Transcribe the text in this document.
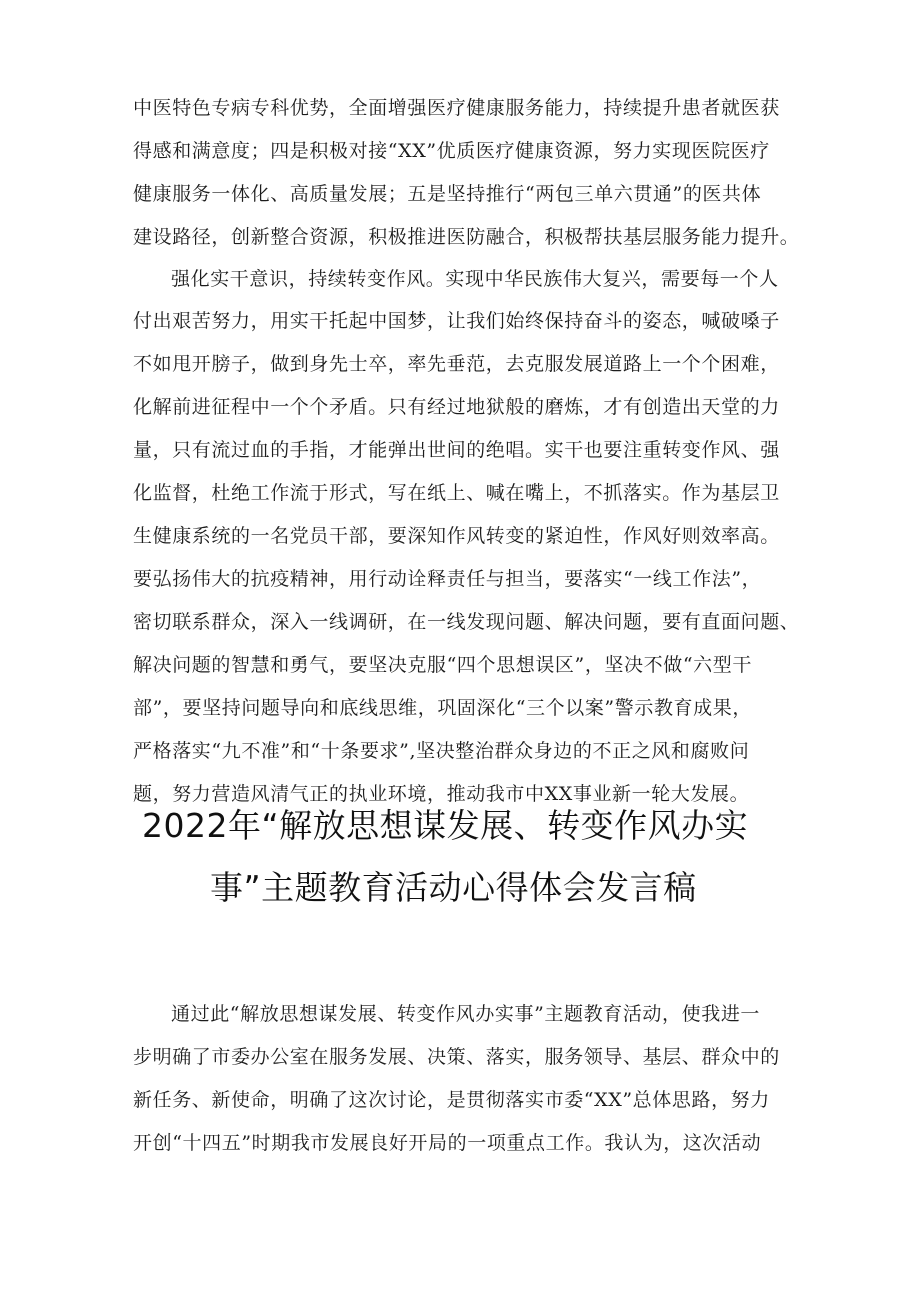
中医特色专病专科优势，全面增强医疗健康服务能力，持续提升患者就医获
得感和满意度；四是积极对接“XX”优质医疗健康资源，努力实现医院医疗
健康服务一体化、高质量发展；五是坚持推行“两包三单六贯通”的医共体
建设路径，创新整合资源，积极推进医防融合，积极帮扶基层服务能力提升。
强化实干意识，持续转变作风。实现中华民族伟大复兴，需要每一个人
付出艰苦努力，用实干托起中国梦，让我们始终保持奋斗的姿态，喊破嗓子
不如甩开膀子，做到身先士卒，率先垂范，去克服发展道路上一个个困难，
化解前进征程中一个个矛盾。只有经过地狱般的磨炼，才有创造出天堂的力
量，只有流过血的手指，才能弹出世间的绝唱。实干也要注重转变作风、强
化监督，杜绝工作流于形式，写在纸上、喊在嘴上，不抓落实。作为基层卫
生健康系统的一名党员干部，要深知作风转变的紧迫性，作风好则效率高。
要弘扬伟大的抗疫精神，用行动诠释责任与担当，要落实“一线工作法”，
密切联系群众，深入一线调研，在一线发现问题、解决问题，要有直面问题、
解决问题的智慧和勇气，要坚决克服“四个思想误区”，坚决不做“六型干
部”，要坚持问题导向和底线思维，巩固深化“三个以案”警示教育成果，
严格落实“九不准”和“十条要求”,坚决整治群众身边的不正之风和腐败问
题，努力营造风清气正的执业环境，推动我市中XX事业新一轮大发展。
2022年“解放思想谋发展、转变作风办实
事”主题教育活动心得体会发言稿
通过此“解放思想谋发展、转变作风办实事”主题教育活动，使我进一
步明确了市委办公室在服务发展、决策、落实，服务领导、基层、群众中的
新任务、新使命，明确了这次讨论，是贯彻落实市委“XX”总体思路，努力
开创“十四五”时期我市发展良好开局的一项重点工作。我认为，这次活动
